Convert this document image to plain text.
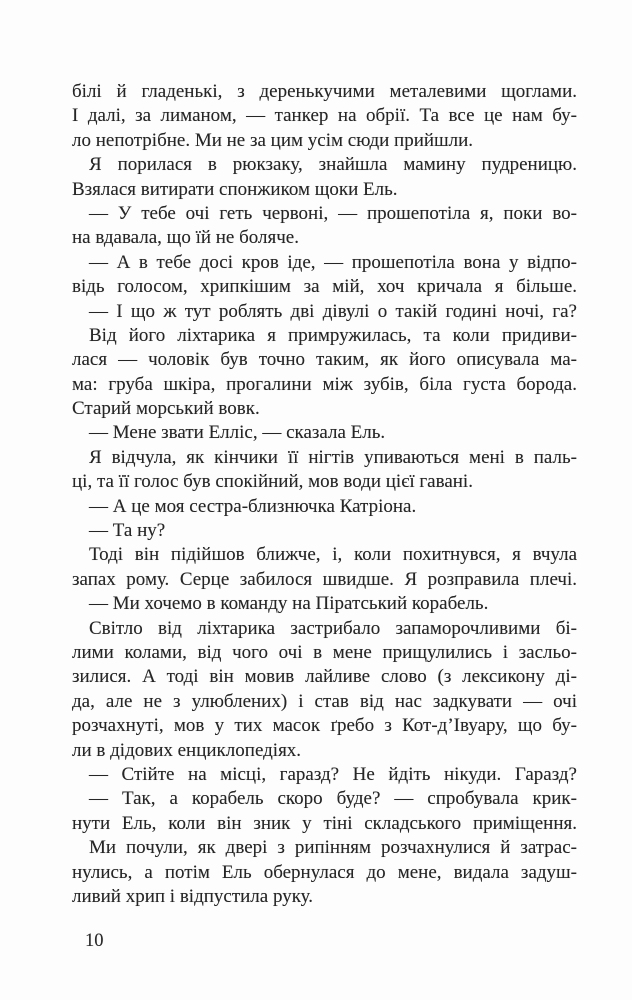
білі й гладенькі, з деренькучими металевими щоглами.
І далі, за лиманом, — танкер на обрії. Та все це нам бу-
ло непотрібне. Ми не за цим усім сюди прийшли.
Я порилася в рюкзаку, знайшла мамину пудреницю.
Взялася витирати спонжиком щоки Ель.
— У тебе очі геть червоні, — прошепотіла я, поки во-
на вдавала, що їй не боляче.
— А в тебе досі кров іде, — прошепотіла вона у відпо-
відь голосом, хрипкішим за мій, хоч кричала я більше.
— І що ж тут роблять дві дівулі о такій годині ночі, га?
Від його ліхтарика я примружилась, та коли придиви-
лася — чоловік був точно таким, як його описувала ма-
ма: груба шкіра, прогалини між зубів, біла густа борода.
Старий морський вовк.
— Мене звати Елліс, — сказала Ель.
Я відчула, як кінчики її нігтів упиваються мені в паль-
ці, та її голос був спокійний, мов води цієї гавані.
— А це моя сестра-близнючка Катріона.
— Та ну?
Тоді він підійшов ближче, і, коли похитнувся, я вчула
запах рому. Серце забилося швидше. Я розправила плечі.
— Ми хочемо в команду на Піратський корабель.
Світло від ліхтарика застрибало запаморочливими бі-
лими колами, від чого очі в мене прищулились і засльо-
зилися. А тоді він мовив лайливе слово (з лексикону ді-
да, але не з улюблених) і став від нас задкувати — очі
розчахнуті, мов у тих масок ґребо з Кот-д’Івуару, що бу-
ли в дідових енциклопедіях.
— Стійте на місці, гаразд? Не йдіть нікуди. Гаразд?
— Так, а корабель скоро буде? — спробувала крик-
нути Ель, коли він зник у тіні складського приміщення.
Ми почули, як двері з рипінням розчахнулися й затрас-
нулись, а потім Ель обернулася до мене, видала задуш-
ливий хрип і відпустила руку.
10
